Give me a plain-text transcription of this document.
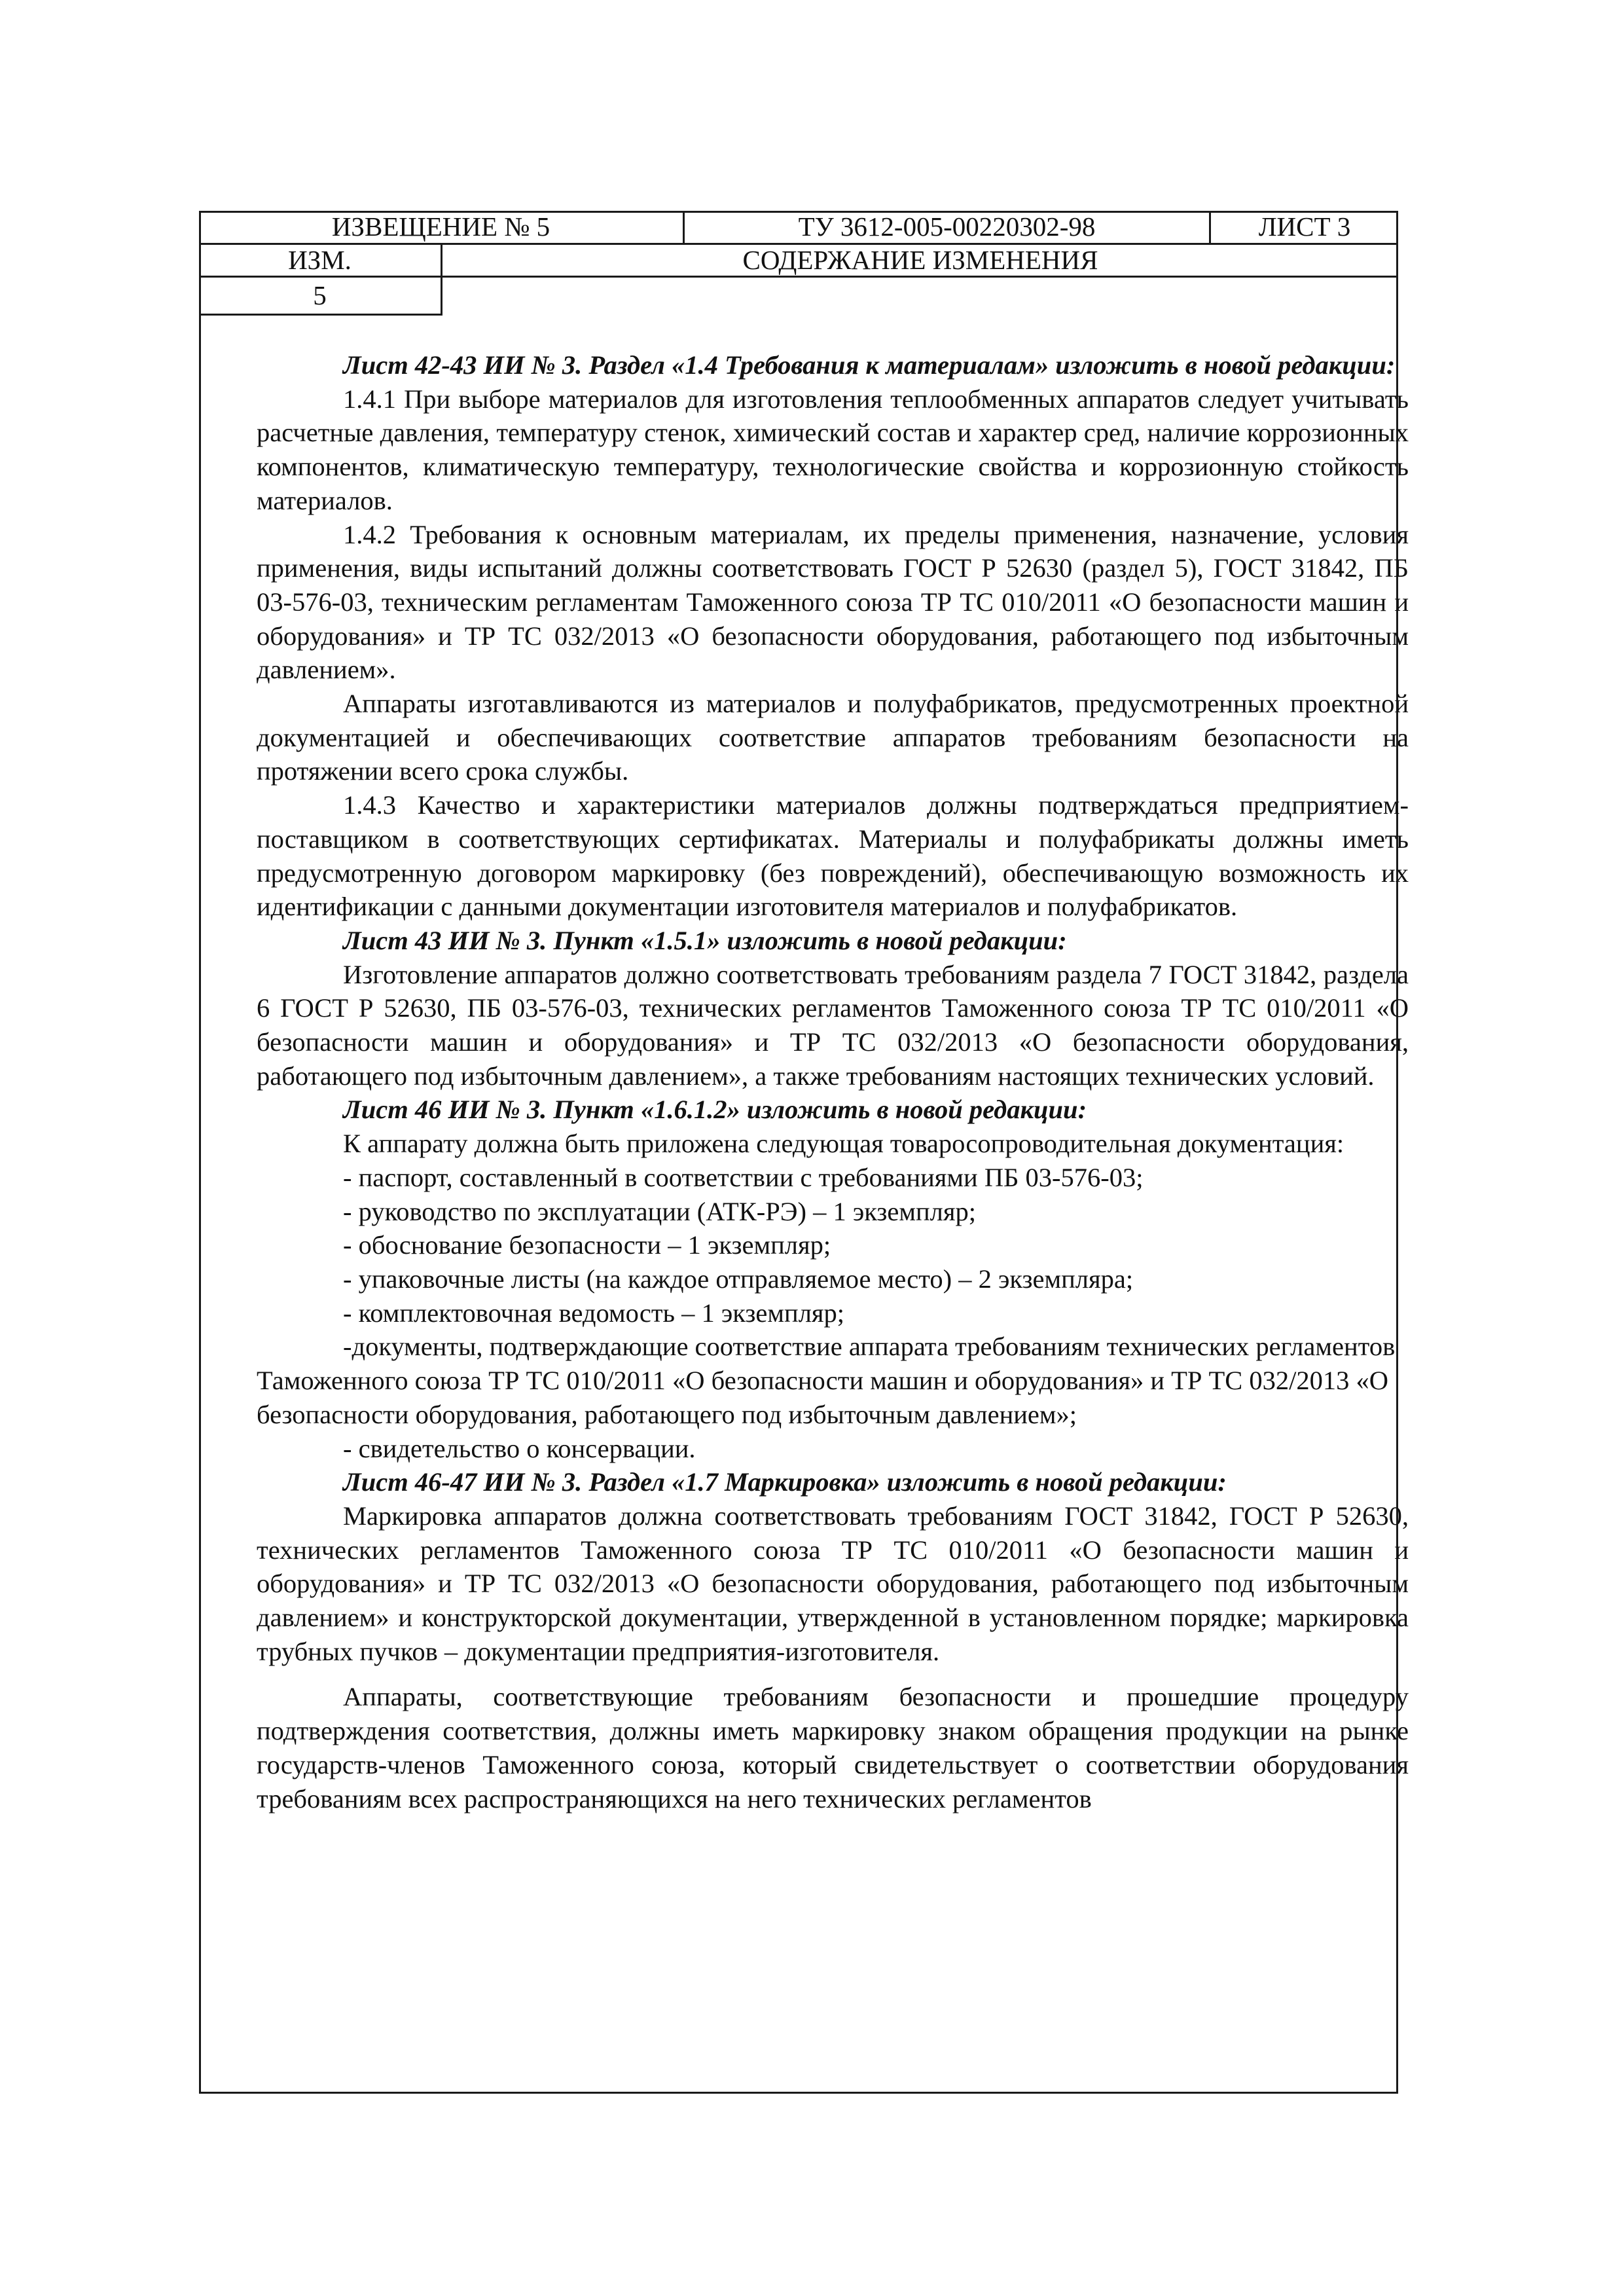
ИЗВЕЩЕНИЕ № 5	ТУ 3612-005-00220302-98	ЛИСТ 3
ИЗМ.	СОДЕРЖАНИЕ ИЗМЕНЕНИЯ
5

Лист 42-43 ИИ № 3. Раздел «1.4 Требования к материалам» изложить в новой редакции:

1.4.1 При выборе материалов для изготовления теплообменных аппаратов следует учитывать расчетные давления, температуру стенок, химический состав и характер сред, наличие коррозионных компонентов, климатическую температуру, технологические свойства и коррозионную стойкость материалов.

1.4.2 Требования к основным материалам, их пределы применения, назначение, условия применения, виды испытаний должны соответствовать ГОСТ Р 52630 (раздел 5), ГОСТ 31842, ПБ 03-576-03, техническим регламентам Таможенного союза ТР ТС 010/2011 «О безопасности машин и оборудования» и ТР ТС 032/2013 «О безопасности оборудования, работающего под избыточным давлением».

Аппараты изготавливаются из материалов и полуфабрикатов, предусмотренных проектной документацией и обеспечивающих соответствие аппаратов требованиям безопасности на протяжении всего срока службы.

1.4.3 Качество и характеристики материалов должны подтверждаться предприятием-поставщиком в соответствующих сертификатах. Материалы и полуфабрикаты должны иметь предусмотренную договором маркировку (без повреждений), обеспечивающую возможность их идентификации с данными документации изготовителя материалов и полуфабрикатов.

Лист 43 ИИ № 3. Пункт «1.5.1» изложить в новой редакции:

Изготовление аппаратов должно соответствовать требованиям раздела 7 ГОСТ 31842, раздела 6 ГОСТ Р 52630, ПБ 03-576-03, технических регламентов Таможенного союза ТР ТС 010/2011 «О безопасности машин и оборудования» и ТР ТС 032/2013 «О безопасности оборудования, работающего под избыточным давлением», а также требованиям настоящих технических условий.

Лист 46 ИИ № 3. Пункт «1.6.1.2» изложить в новой редакции:

К аппарату должна быть приложена следующая товаросопроводительная документация:

- паспорт, составленный в соответствии с требованиями ПБ 03-576-03;

- руководство по эксплуатации (АТК-РЭ) – 1 экземпляр;

- обоснование безопасности – 1 экземпляр;

- упаковочные листы (на каждое отправляемое место) – 2 экземпляра;

- комплектовочная ведомость – 1 экземпляр;

-документы, подтверждающие соответствие аппарата требованиям технических регламентов Таможенного союза ТР ТС 010/2011 «О безопасности машин и оборудования» и ТР ТС 032/2013 «О безопасности оборудования, работающего под избыточным давлением»;

- свидетельство о консервации.

Лист 46-47 ИИ № 3. Раздел «1.7 Маркировка» изложить в новой редакции:

Маркировка аппаратов должна соответствовать требованиям ГОСТ 31842, ГОСТ Р 52630, технических регламентов Таможенного союза ТР ТС 010/2011 «О безопасности машин и оборудования» и ТР ТС 032/2013 «О безопасности оборудования, работающего под избыточным давлением» и конструкторской документации, утвержденной в установленном порядке; маркировка трубных пучков – документации предприятия-изготовителя.

Аппараты, соответствующие требованиям безопасности и прошедшие процедуру подтверждения соответствия, должны иметь маркировку знаком обращения продукции на рынке государств-членов Таможенного союза, который свидетельствует о соответствии оборудования требованиям всех распространяющихся на него технических регламентов
